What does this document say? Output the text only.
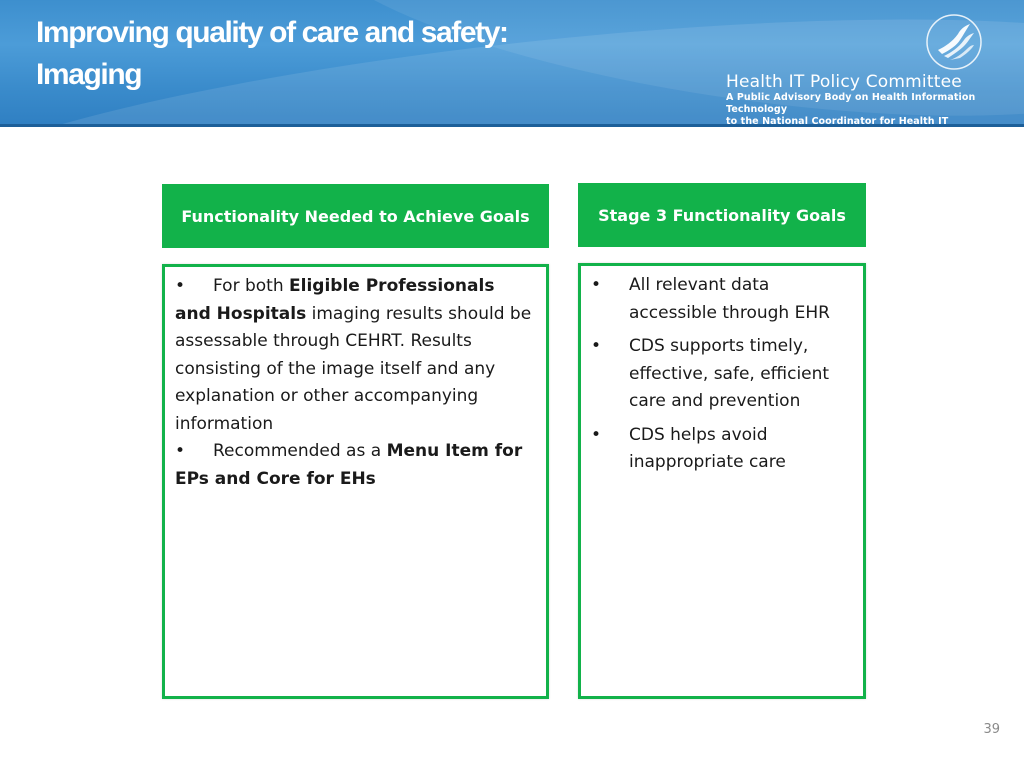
Improving quality of care and safety:
Imaging	Health IT Policy Committee
A Public Advisory Body on Health Information Technology
to the National Coordinator for Health IT
Functionality Needed to Achieve Goals	Stage 3 Functionality Goals

• For both Eligible Professionals and Hospitals imaging results should be assessable through CEHRT. Results consisting of the image itself and any explanation or other accompanying information

• Recommended as a Menu Item for EPs and Core for EHs

•	All relevant data accessible through EHR
•	CDS supports timely, effective, safe, efficient care and prevention
•	CDS helps avoid inappropriate care
39
